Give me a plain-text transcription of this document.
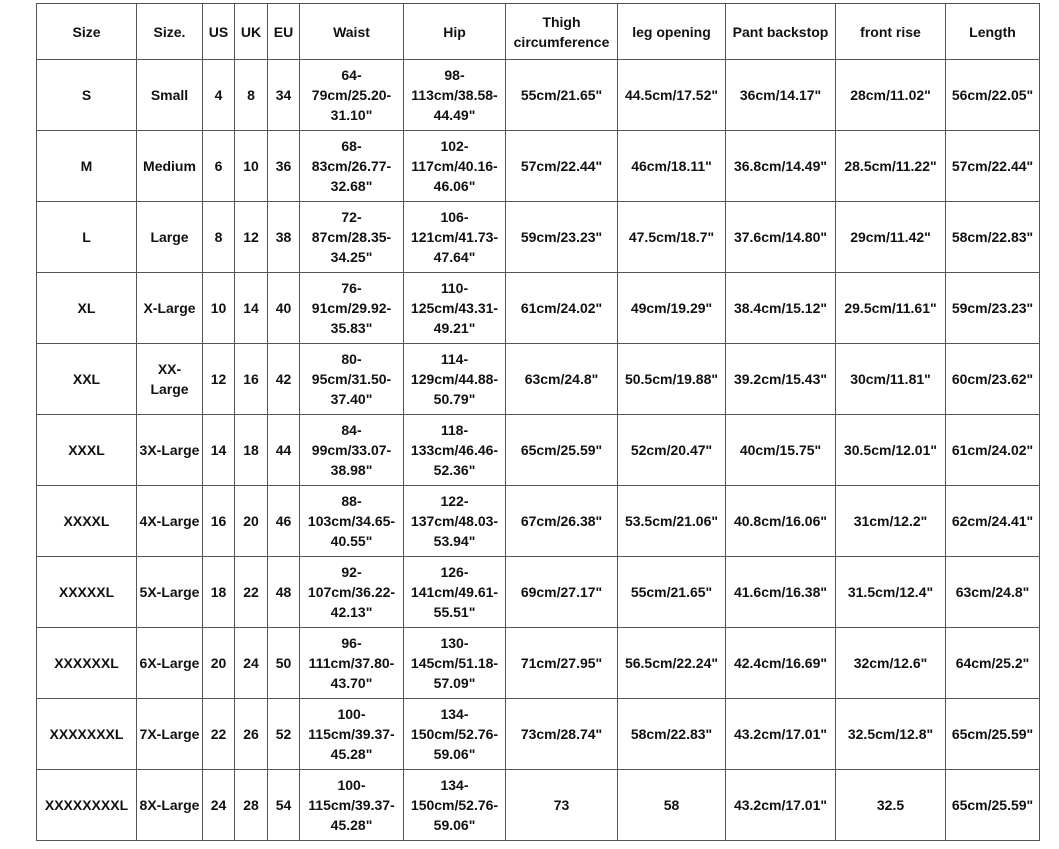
Size	Size.	US	UK	EU	Waist	Hip	Thigh circumference	leg opening	Pant backstop	front rise	Length
S	Small	4	8	34	64-79cm/25.20-31.10"	98-113cm/38.58-44.49"	55cm/21.65"	44.5cm/17.52"	36cm/14.17"	28cm/11.02"	56cm/22.05"
M	Medium	6	10	36	68-83cm/26.77-32.68"	102-117cm/40.16-46.06"	57cm/22.44"	46cm/18.11"	36.8cm/14.49"	28.5cm/11.22"	57cm/22.44"
L	Large	8	12	38	72-87cm/28.35-34.25"	106-121cm/41.73-47.64"	59cm/23.23"	47.5cm/18.7"	37.6cm/14.80"	29cm/11.42"	58cm/22.83"
XL	X-Large	10	14	40	76-91cm/29.92-35.83"	110-125cm/43.31-49.21"	61cm/24.02"	49cm/19.29"	38.4cm/15.12"	29.5cm/11.61"	59cm/23.23"
XXL	XX-Large	12	16	42	80-95cm/31.50-37.40"	114-129cm/44.88-50.79"	63cm/24.8"	50.5cm/19.88"	39.2cm/15.43"	30cm/11.81"	60cm/23.62"
XXXL	3X-Large	14	18	44	84-99cm/33.07-38.98"	118-133cm/46.46-52.36"	65cm/25.59"	52cm/20.47"	40cm/15.75"	30.5cm/12.01"	61cm/24.02"
XXXXL	4X-Large	16	20	46	88-103cm/34.65-40.55"	122-137cm/48.03-53.94"	67cm/26.38"	53.5cm/21.06"	40.8cm/16.06"	31cm/12.2"	62cm/24.41"
XXXXXL	5X-Large	18	22	48	92-107cm/36.22-42.13"	126-141cm/49.61-55.51"	69cm/27.17"	55cm/21.65"	41.6cm/16.38"	31.5cm/12.4"	63cm/24.8"
XXXXXXL	6X-Large	20	24	50	96-111cm/37.80-43.70"	130-145cm/51.18-57.09"	71cm/27.95"	56.5cm/22.24"	42.4cm/16.69"	32cm/12.6"	64cm/25.2"
XXXXXXXL	7X-Large	22	26	52	100-115cm/39.37-45.28"	134-150cm/52.76-59.06"	73cm/28.74"	58cm/22.83"	43.2cm/17.01"	32.5cm/12.8"	65cm/25.59"
XXXXXXXXL	8X-Large	24	28	54	100-115cm/39.37-45.28"	134-150cm/52.76-59.06"	73	58	43.2cm/17.01"	32.5	65cm/25.59"
